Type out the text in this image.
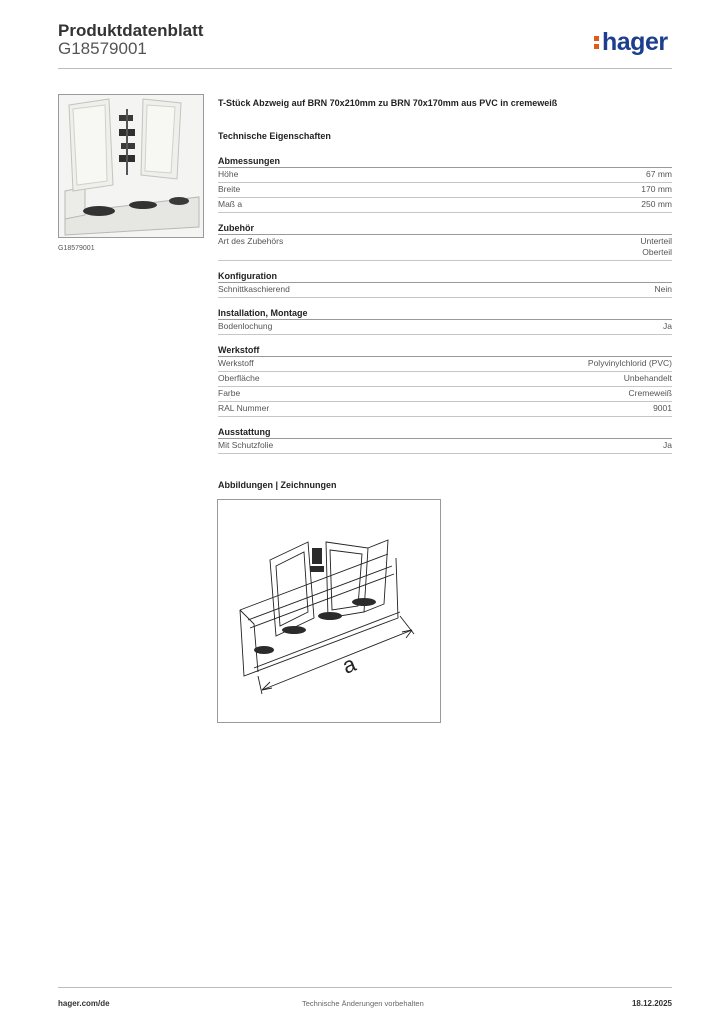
Produktdatenblatt
G18579001	hager
G18579001
T-Stück Abzweig auf BRN 70x210mm zu BRN 70x170mm aus PVC in cremeweiß
Technische Eigenschaften
Abmessungen
Höhe	67 mm
Breite	170 mm
Maß a	250 mm
Zubehör
Art des Zubehörs	Unterteil
Oberteil
Konfiguration
Schnittkaschierend	Nein
Installation, Montage
Bodenlochung	Ja
Werkstoff
Werkstoff	Polyvinylchlorid (PVC)
Oberfläche	Unbehandelt
Farbe	Cremeweiß
RAL Nummer	9001
Ausstattung
Mit Schutzfolie	Ja
Abbildungen | Zeichnungen
a
hager.com/de	Technische Änderungen vorbehalten	18.12.2025
